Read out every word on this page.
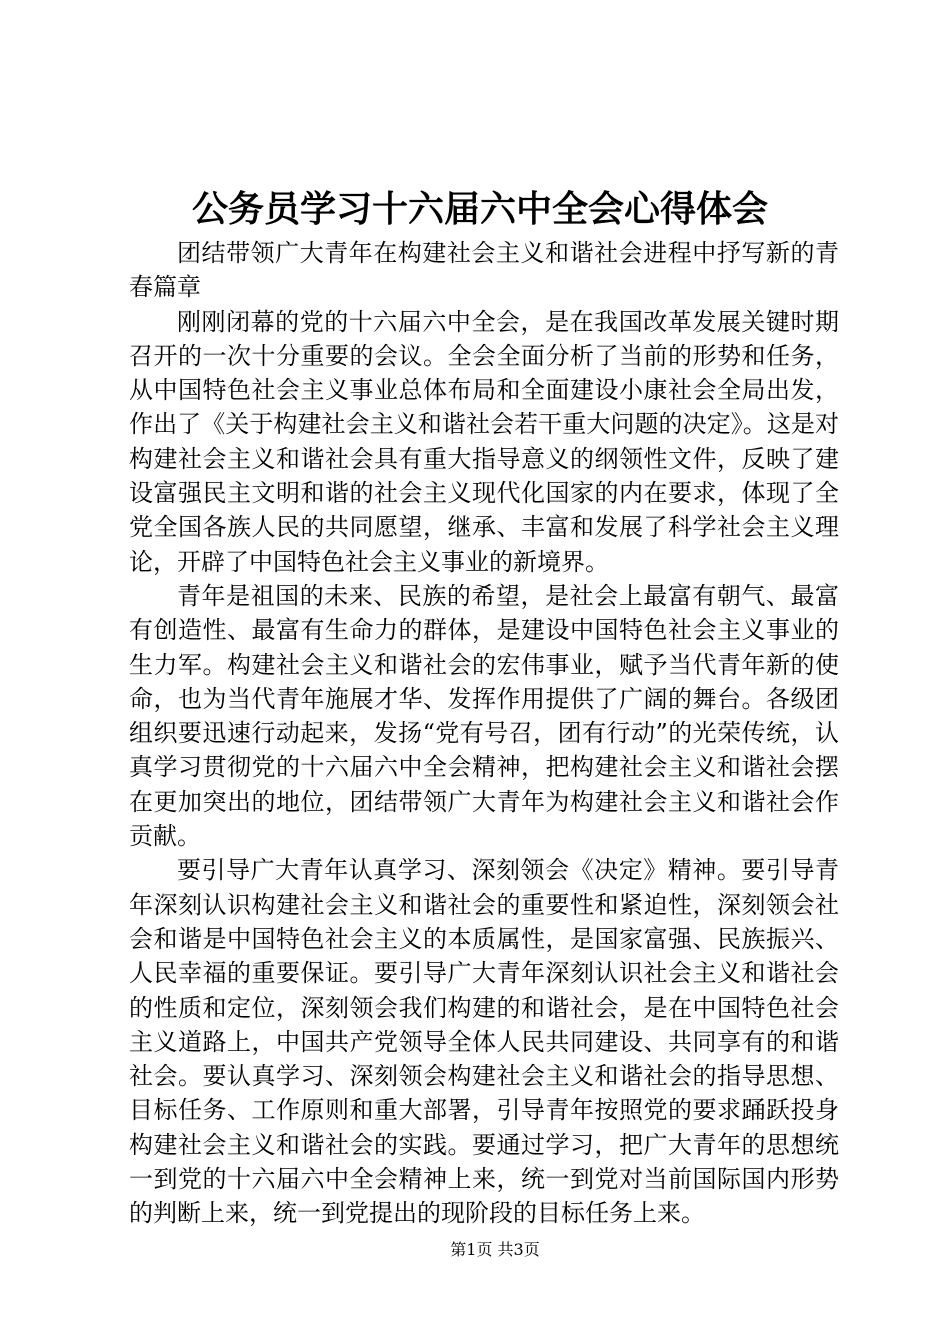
公务员学习十六届六中全会心得体会

团结带领广大青年在构建社会主义和谐社会进程中抒写新的青春篇章

刚刚闭幕的党的十六届六中全会，是在我国改革发展关键时期召开的一次十分重要的会议。全会全面分析了当前的形势和任务，从中国特色社会主义事业总体布局和全面建设小康社会全局出发，作出了《关于构建社会主义和谐社会若干重大问题的决定》。这是对构建社会主义和谐社会具有重大指导意义的纲领性文件，反映了建设富强民主文明和谐的社会主义现代化国家的内在要求，体现了全党全国各族人民的共同愿望，继承、丰富和发展了科学社会主义理论，开辟了中国特色社会主义事业的新境界。

青年是祖国的未来、民族的希望，是社会上最富有朝气、最富有创造性、最富有生命力的群体，是建设中国特色社会主义事业的生力军。构建社会主义和谐社会的宏伟事业，赋予当代青年新的使命，也为当代青年施展才华、发挥作用提供了广阔的舞台。各级团组织要迅速行动起来，发扬“党有号召，团有行动”的光荣传统，认真学习贯彻党的十六届六中全会精神，把构建社会主义和谐社会摆在更加突出的地位，团结带领广大青年为构建社会主义和谐社会作贡献。

要引导广大青年认真学习、深刻领会《决定》精神。要引导青年深刻认识构建社会主义和谐社会的重要性和紧迫性，深刻领会社会和谐是中国特色社会主义的本质属性，是国家富强、民族振兴、人民幸福的重要保证。要引导广大青年深刻认识社会主义和谐社会的性质和定位，深刻领会我们构建的和谐社会，是在中国特色社会主义道路上，中国共产党领导全体人民共同建设、共同享有的和谐社会。要认真学习、深刻领会构建社会主义和谐社会的指导思想、目标任务、工作原则和重大部署，引导青年按照党的要求踊跃投身构建社会主义和谐社会的实践。要通过学习，把广大青年的思想统一到党的十六届六中全会精神上来，统一到党对当前国际国内形势的判断上来，统一到党提出的现阶段的目标任务上来。

第1页 共3页
